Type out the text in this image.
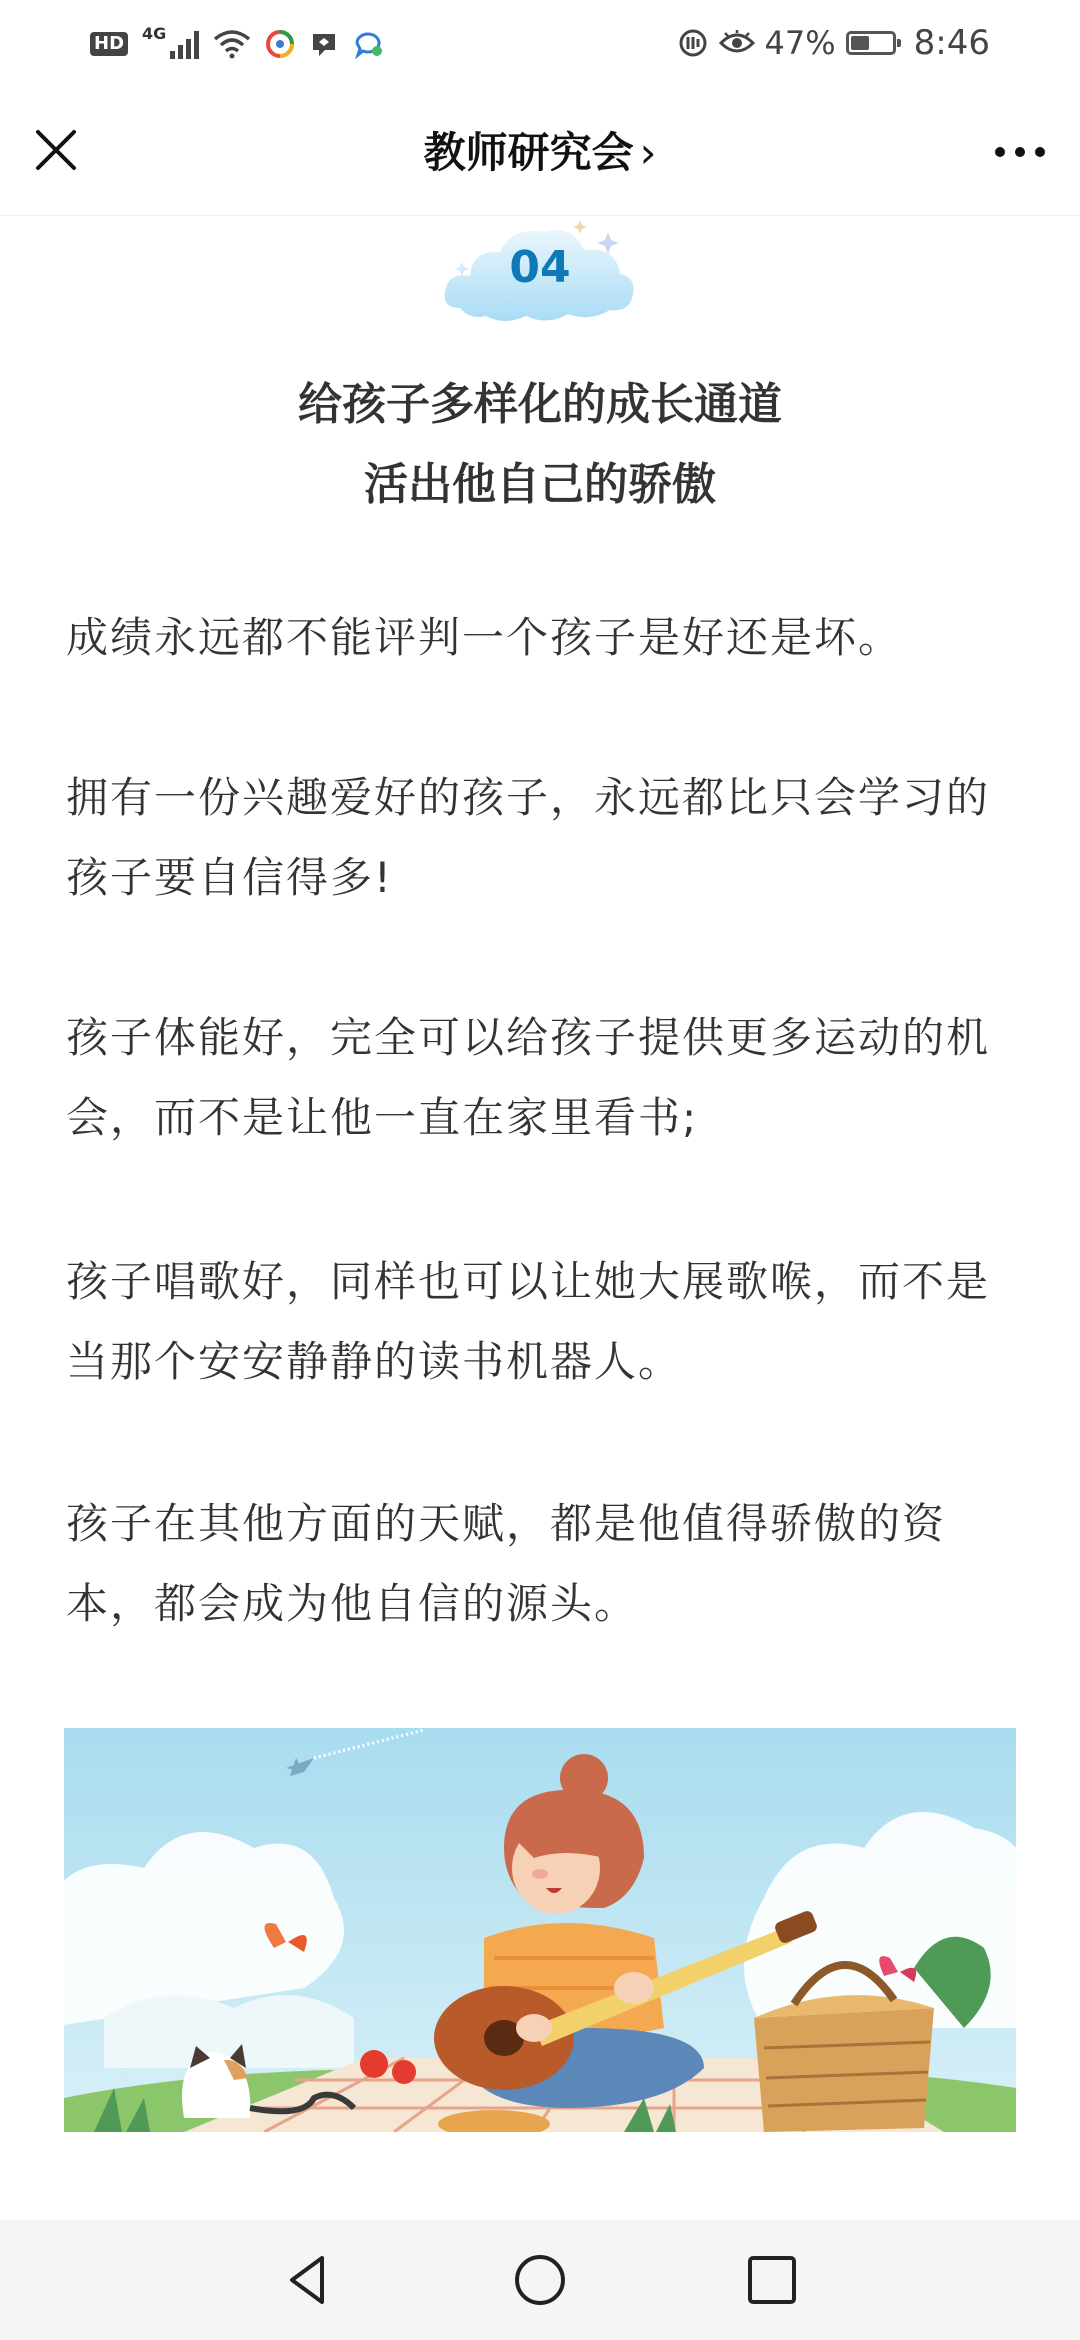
HD 4G	47% 8:46
教师研究会 ›
04
给孩子多样化的成长通道
活出他自己的骄傲

成绩永远都不能评判一个孩子是好还是坏。

拥有一份兴趣爱好的孩子，永远都比只会学习的孩子要自信得多!

孩子体能好，完全可以给孩子提供更多运动的机会，而不是让他一直在家里看书;

孩子唱歌好，同样也可以让她大展歌喉，而不是当那个安安静静的读书机器人。

孩子在其他方面的天赋，都是他值得骄傲的资本，都会成为他自信的源头。
